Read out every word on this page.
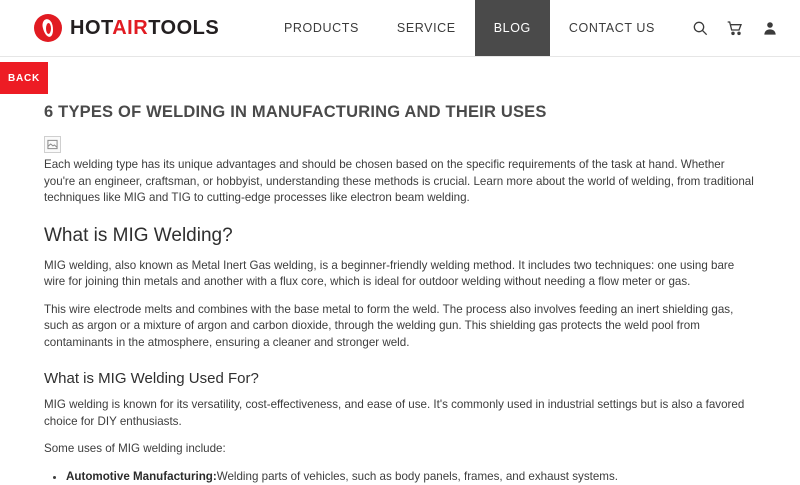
HOTAIRTOOLS	PRODUCTS	SERVICE	BLOG	CONTACT US
BACK
6 TYPES OF WELDING IN MANUFACTURING AND THEIR USES

Each welding type has its unique advantages and should be chosen based on the specific requirements of the task at hand. Whether you're an engineer, craftsman, or hobbyist, understanding these methods is crucial. Learn more about the world of welding, from traditional techniques like MIG and TIG to cutting-edge processes like electron beam welding.

What is MIG Welding?

MIG welding, also known as Metal Inert Gas welding, is a beginner-friendly welding method. It includes two techniques: one using bare wire for joining thin metals and another with a flux core, which is ideal for outdoor welding without needing a flow meter or gas.

This wire electrode melts and combines with the base metal to form the weld. The process also involves feeding an inert shielding gas, such as argon or a mixture of argon and carbon dioxide, through the welding gun. This shielding gas protects the weld pool from contaminants in the atmosphere, ensuring a cleaner and stronger weld.

What is MIG Welding Used For?

MIG welding is known for its versatility, cost-effectiveness, and ease of use. It's commonly used in industrial settings but is also a favored choice for DIY enthusiasts.

Some uses of MIG welding include:

• Automotive Manufacturing:Welding parts of vehicles, such as body panels, frames, and exhaust systems.
